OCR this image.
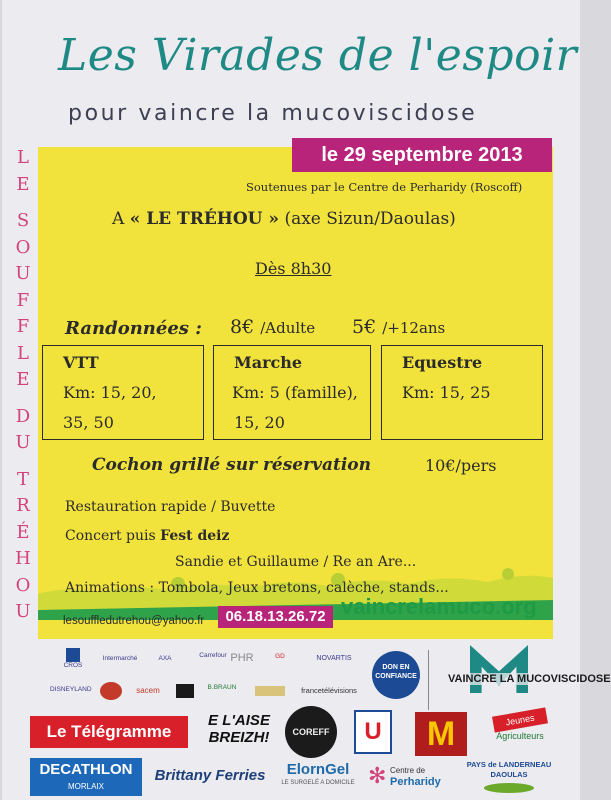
Les Virades de l'espoir
pour vaincre la mucoviscidose
le 29 septembre 2013
Soutenues par le Centre de Perharidy (Roscoff)
A « LE TRÉHOU » (axe Sizun/Daoulas)
Dès 8h30
Randonnées : 8€ /Adulte 5€ /+12ans
VTT
Km: 15, 20,
35, 50
Marche
Km: 5 (famille),
15, 20
Equestre
Km: 15, 25
Cochon grillé sur réservation	10€/pers
Restauration rapide / Buvette
Concert puis Fest deiz
Sandie et Guillaume / Re an Are...
Animations : Tombola, Jeux bretons, calèche, stands...
lesouffledutrehou@yahoo.fr	06.18.13.26.72 vaincrelamuco.org
CROS
Intermarché	AXA	Carrefour PHR	GD	NOVARTIS
DISNEYLAND	sacem	B.BRAUN	francetélévisions
DON EN CONFIANCE	VAINCRE LA MUCOVISCIDOSE
Le Télégramme
E L'AISE BREIZH!	COREFF	U	M	Jeunes
Agriculteurs
DECATHLON
MORLAIX
Brittany Ferries	ElornGel
LE SURGELÉ A DOMICILE ✻ Centre de
Perharidy
PAYS de LANDERNEAU DAOULAS
